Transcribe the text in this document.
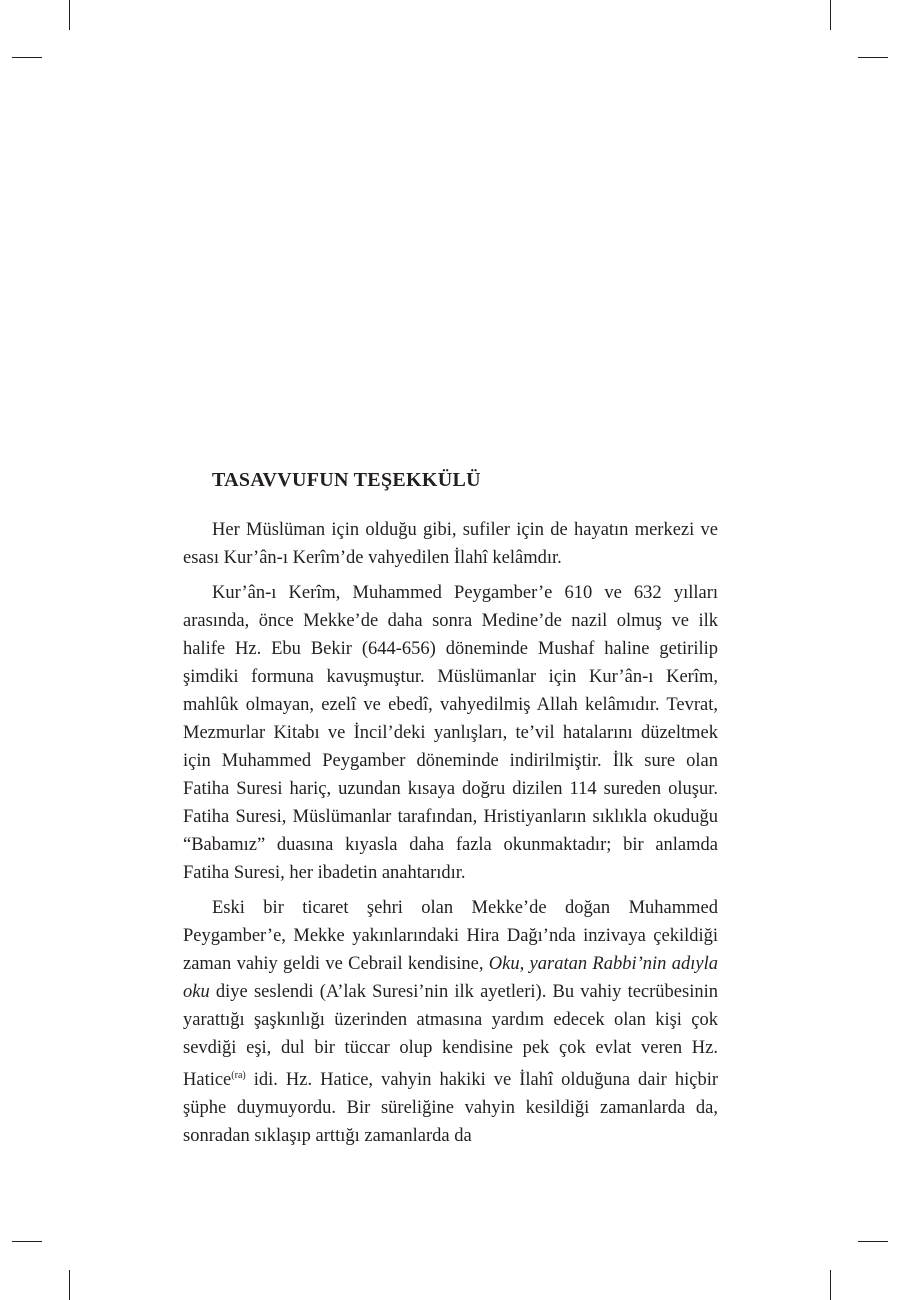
TASAVVUFUN TEŞEKKÜLÜ

Her Müslüman için olduğu gibi, sufiler için de hayatın merkezi ve esası Kur’ân-ı Kerîm’de vahyedilen İlahî kelâmdır.

Kur’ân-ı Kerîm, Muhammed Peygamber’e 610 ve 632 yılları arasında, önce Mekke’de daha sonra Medine’de nazil olmuş ve ilk halife Hz. Ebu Bekir (644-656) döneminde Mushaf haline getirilip şimdiki formuna kavuşmuştur. Müslümanlar için Kur’ân-ı Kerîm, mahlûk olmayan, ezelî ve ebedî, vahyedilmiş Allah kelâmıdır. Tevrat, Mezmurlar Kitabı ve İncil’deki yanlışları, te’vil hatalarını düzeltmek için Muhammed Peygamber döneminde indirilmiştir. İlk sure olan Fatiha Suresi hariç, uzundan kısaya doğru dizilen 114 sureden oluşur. Fatiha Suresi, Müslümanlar tarafından, Hristiyanların sıklıkla okuduğu “Babamız” duasına kıyasla daha fazla okunmaktadır; bir anlamda Fatiha Suresi, her ibadetin anahtarıdır.

Eski bir ticaret şehri olan Mekke’de doğan Muhammed Peygamber’e, Mekke yakınlarındaki Hira Dağı’nda inzivaya çekildiği zaman vahiy geldi ve Cebrail kendisine, Oku, yaratan Rabbi’nin adıyla oku diye seslendi (A’lak Suresi’nin ilk ayetleri). Bu vahiy tecrübesinin yarattığı şaşkınlığı üzerinden atmasına yardım edecek olan kişi çok sevdiği eşi, dul bir tüccar olup kendisine pek çok evlat veren Hz. Hatice$^{(ra)}$ idi. Hz. Hatice, vahyin hakiki ve İlahî olduğuna dair hiçbir şüphe duymuyordu. Bir süreliğine vahyin kesildiği zamanlarda da, sonradan sıklaşıp arttığı zamanlarda da
